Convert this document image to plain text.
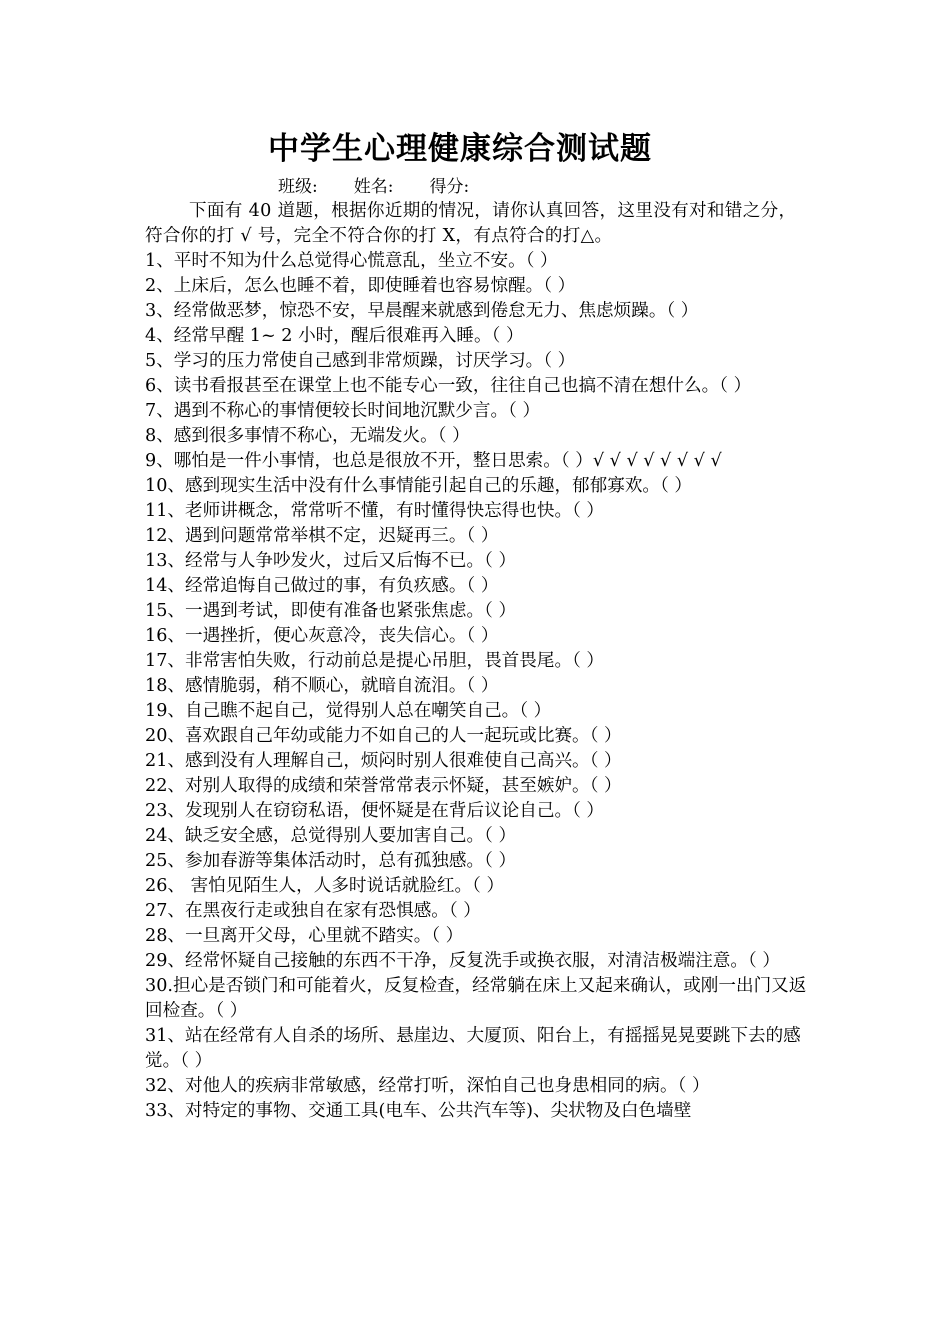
中学生心理健康综合测试题
班级: 姓名: 得分:

下面有 40 道题，根据你近期的情况，请你认真回答，这里没有对和错之分，符合你的打 √ 号，完全不符合你的打 X，有点符合的打△。

1、平时不知为什么总觉得心慌意乱，坐立不安。（ ）

2、上床后，怎么也睡不着，即使睡着也容易惊醒。（ ）

3、经常做恶梦，惊恐不安，早晨醒来就感到倦怠无力、焦虑烦躁。（ ）

4、经常早醒 1~ 2 小时，醒后很难再入睡。（ ）

5、学习的压力常使自己感到非常烦躁，讨厌学习。（ ）

6、读书看报甚至在课堂上也不能专心一致，往往自己也搞不清在想什么。（ ）

7、遇到不称心的事情便较长时间地沉默少言。（ ）

8、感到很多事情不称心，无端发火。（ ）

9、哪怕是一件小事情，也总是很放不开，整日思索。（ ）√ √ √ √ √ √ √ √

10、感到现实生活中没有什么事情能引起自己的乐趣，郁郁寡欢。（ ）

11、老师讲概念，常常听不懂，有时懂得快忘得也快。（ ）

12、遇到问题常常举棋不定，迟疑再三。（ ）

13、经常与人争吵发火，过后又后悔不已。（ ）

14、经常追悔自己做过的事，有负疚感。（ ）

15、一遇到考试，即使有准备也紧张焦虑。（ ）

16、一遇挫折，便心灰意冷，丧失信心。（ ）

17、非常害怕失败，行动前总是提心吊胆，畏首畏尾。（ ）

18、感情脆弱，稍不顺心，就暗自流泪。（ ）

19、自己瞧不起自己，觉得别人总在嘲笑自己。（ ）

20、喜欢跟自己年幼或能力不如自己的人一起玩或比赛。（ ）

21、感到没有人理解自己，烦闷时别人很难使自己高兴。（ ）

22、对别人取得的成绩和荣誉常常表示怀疑，甚至嫉妒。（ ）

23、发现别人在窃窃私语，便怀疑是在背后议论自己。（ ）

24、缺乏安全感，总觉得别人要加害自己。（ ）

25、参加春游等集体活动时，总有孤独感。（ ）

26、 害怕见陌生人，人多时说话就脸红。（ ）

27、在黑夜行走或独自在家有恐惧感。（ ）

28、一旦离开父母，心里就不踏实。（ ）

29、经常怀疑自己接触的东西不干净，反复洗手或换衣服，对清洁极端注意。（ ）

30.担心是否锁门和可能着火，反复检查，经常躺在床上又起来确认，或刚一出门又返回检查。（ ）

31、站在经常有人自杀的场所、悬崖边、大厦顶、阳台上，有摇摇晃晃要跳下去的感觉。（ ）

32、对他人的疾病非常敏感，经常打听，深怕自己也身患相同的病。（ ）

33、对特定的事物、交通工具(电车、公共汽车等)、尖状物及白色墙壁
